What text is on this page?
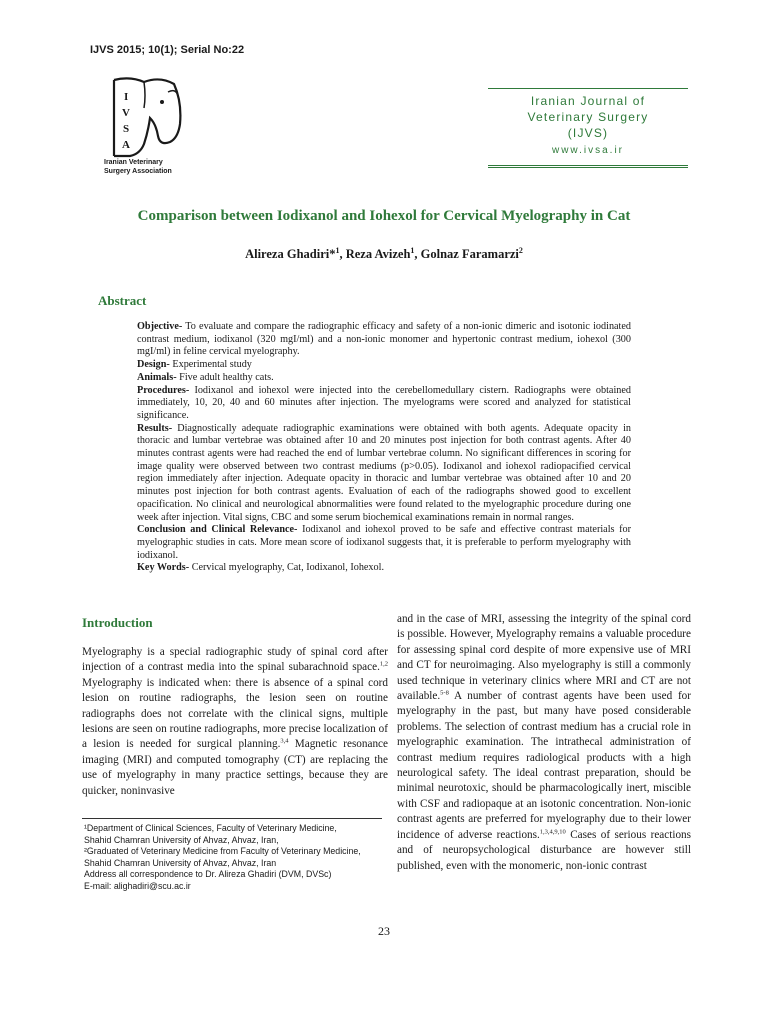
IJVS 2015; 10(1); Serial No:22
I
V
S
A
Iranian Veterinary
Surgery Association
Iranian Journal of
Veterinary Surgery
(IJVS)
www.ivsa.ir
Comparison between Iodixanol and Iohexol for Cervical Myelography in Cat
Alireza Ghadiri*$^1$, Reza Avizeh$^1$, Golnaz Faramarzi$^2$
Abstract

Objective- To evaluate and compare the radiographic efficacy and safety of a non-ionic dimeric and isotonic iodinated contrast medium, iodixanol (320 mgI/ml) and a non-ionic monomer and hypertonic contrast medium, iohexol (300 mgI/ml) in feline cervical myelography.

Design- Experimental study

Animals- Five adult healthy cats.

Procedures- Iodixanol and iohexol were injected into the cerebellomedullary cistern. Radiographs were obtained immediately, 10, 20, 40 and 60 minutes after injection. The myelograms were scored and analyzed for statistical significance.

Results- Diagnostically adequate radiographic examinations were obtained with both agents. Adequate opacity in thoracic and lumbar vertebrae was obtained after 10 and 20 minutes post injection for both contrast agents. After 40 minutes contrast agents were had reached the end of lumbar vertebrae column. No significant differences in scoring for image quality were observed between two contrast mediums (p>0.05). Iodixanol and iohexol radiopacified cervical region immediately after injection. Adequate opacity in thoracic and lumbar vertebrae was obtained after 10 and 20 minutes post injection for both contrast agents. Evaluation of each of the radiographs showed good to excellent opacification. No clinical and neurological abnormalities were found related to the myelographic procedure during one week after injection. Vital signs, CBC and some serum biochemical examinations remain in normal ranges.

Conclusion and Clinical Relevance- Iodixanol and iohexol proved to be safe and effective contrast materials for myelographic studies in cats. More mean score of iodixanol suggests that, it is preferable to perform myelography with iodixanol.

Key Words- Cervical myelography, Cat, Iodixanol, Iohexol.

Introduction

Myelography is a special radiographic study of spinal cord after injection of a contrast media into the spinal subarachnoid space.$^{1,2}$ Myelography is indicated when: there is absence of a spinal cord lesion on routine radiographs, the lesion seen on routine radiographs does not correlate with the clinical signs, multiple lesions are seen on routine radiographs, more precise localization of a lesion is needed for surgical planning.$^{3,4}$ Magnetic resonance imaging (MRI) and computed tomography (CT) are replacing the use of myelography in many practice settings, because they are quicker, noninvasive

and in the case of MRI, assessing the integrity of the spinal cord is possible. However, Myelography remains a valuable procedure for assessing spinal cord despite of more expensive use of MRI and CT for neuroimaging. Also myelography is still a commonly used technique in veterinary clinics where MRI and CT are not available.$^{5-8}$ A number of contrast agents have been used for myelography in the past, but many have posed considerable problems. The selection of contrast medium has a crucial role in myelographic examination. The intrathecal administration of contrast medium requires radiological products with a high neurological safety. The ideal contrast preparation, should be minimal neurotoxic, should be pharmacologically inert, miscible with CSF and radiopaque at an isotonic concentration. Non-ionic contrast agents are preferred for myelography due to their lower incidence of adverse reactions.$^{1,3,4,9,10}$ Cases of serious reactions and of neuropsychological disturbance are however still published, even with the monomeric, non-ionic contrast

¹Department of Clinical Sciences, Faculty of Veterinary Medicine,
Shahid Chamran University of Ahvaz, Ahvaz, Iran,
²Graduated of Veterinary Medicine from Faculty of Veterinary Medicine,
Shahid Chamran University of Ahvaz, Ahvaz, Iran
Address all correspondence to Dr. Alireza Ghadiri (DVM, DVSc)
E-mail: alighadiri@scu.ac.ir
23
